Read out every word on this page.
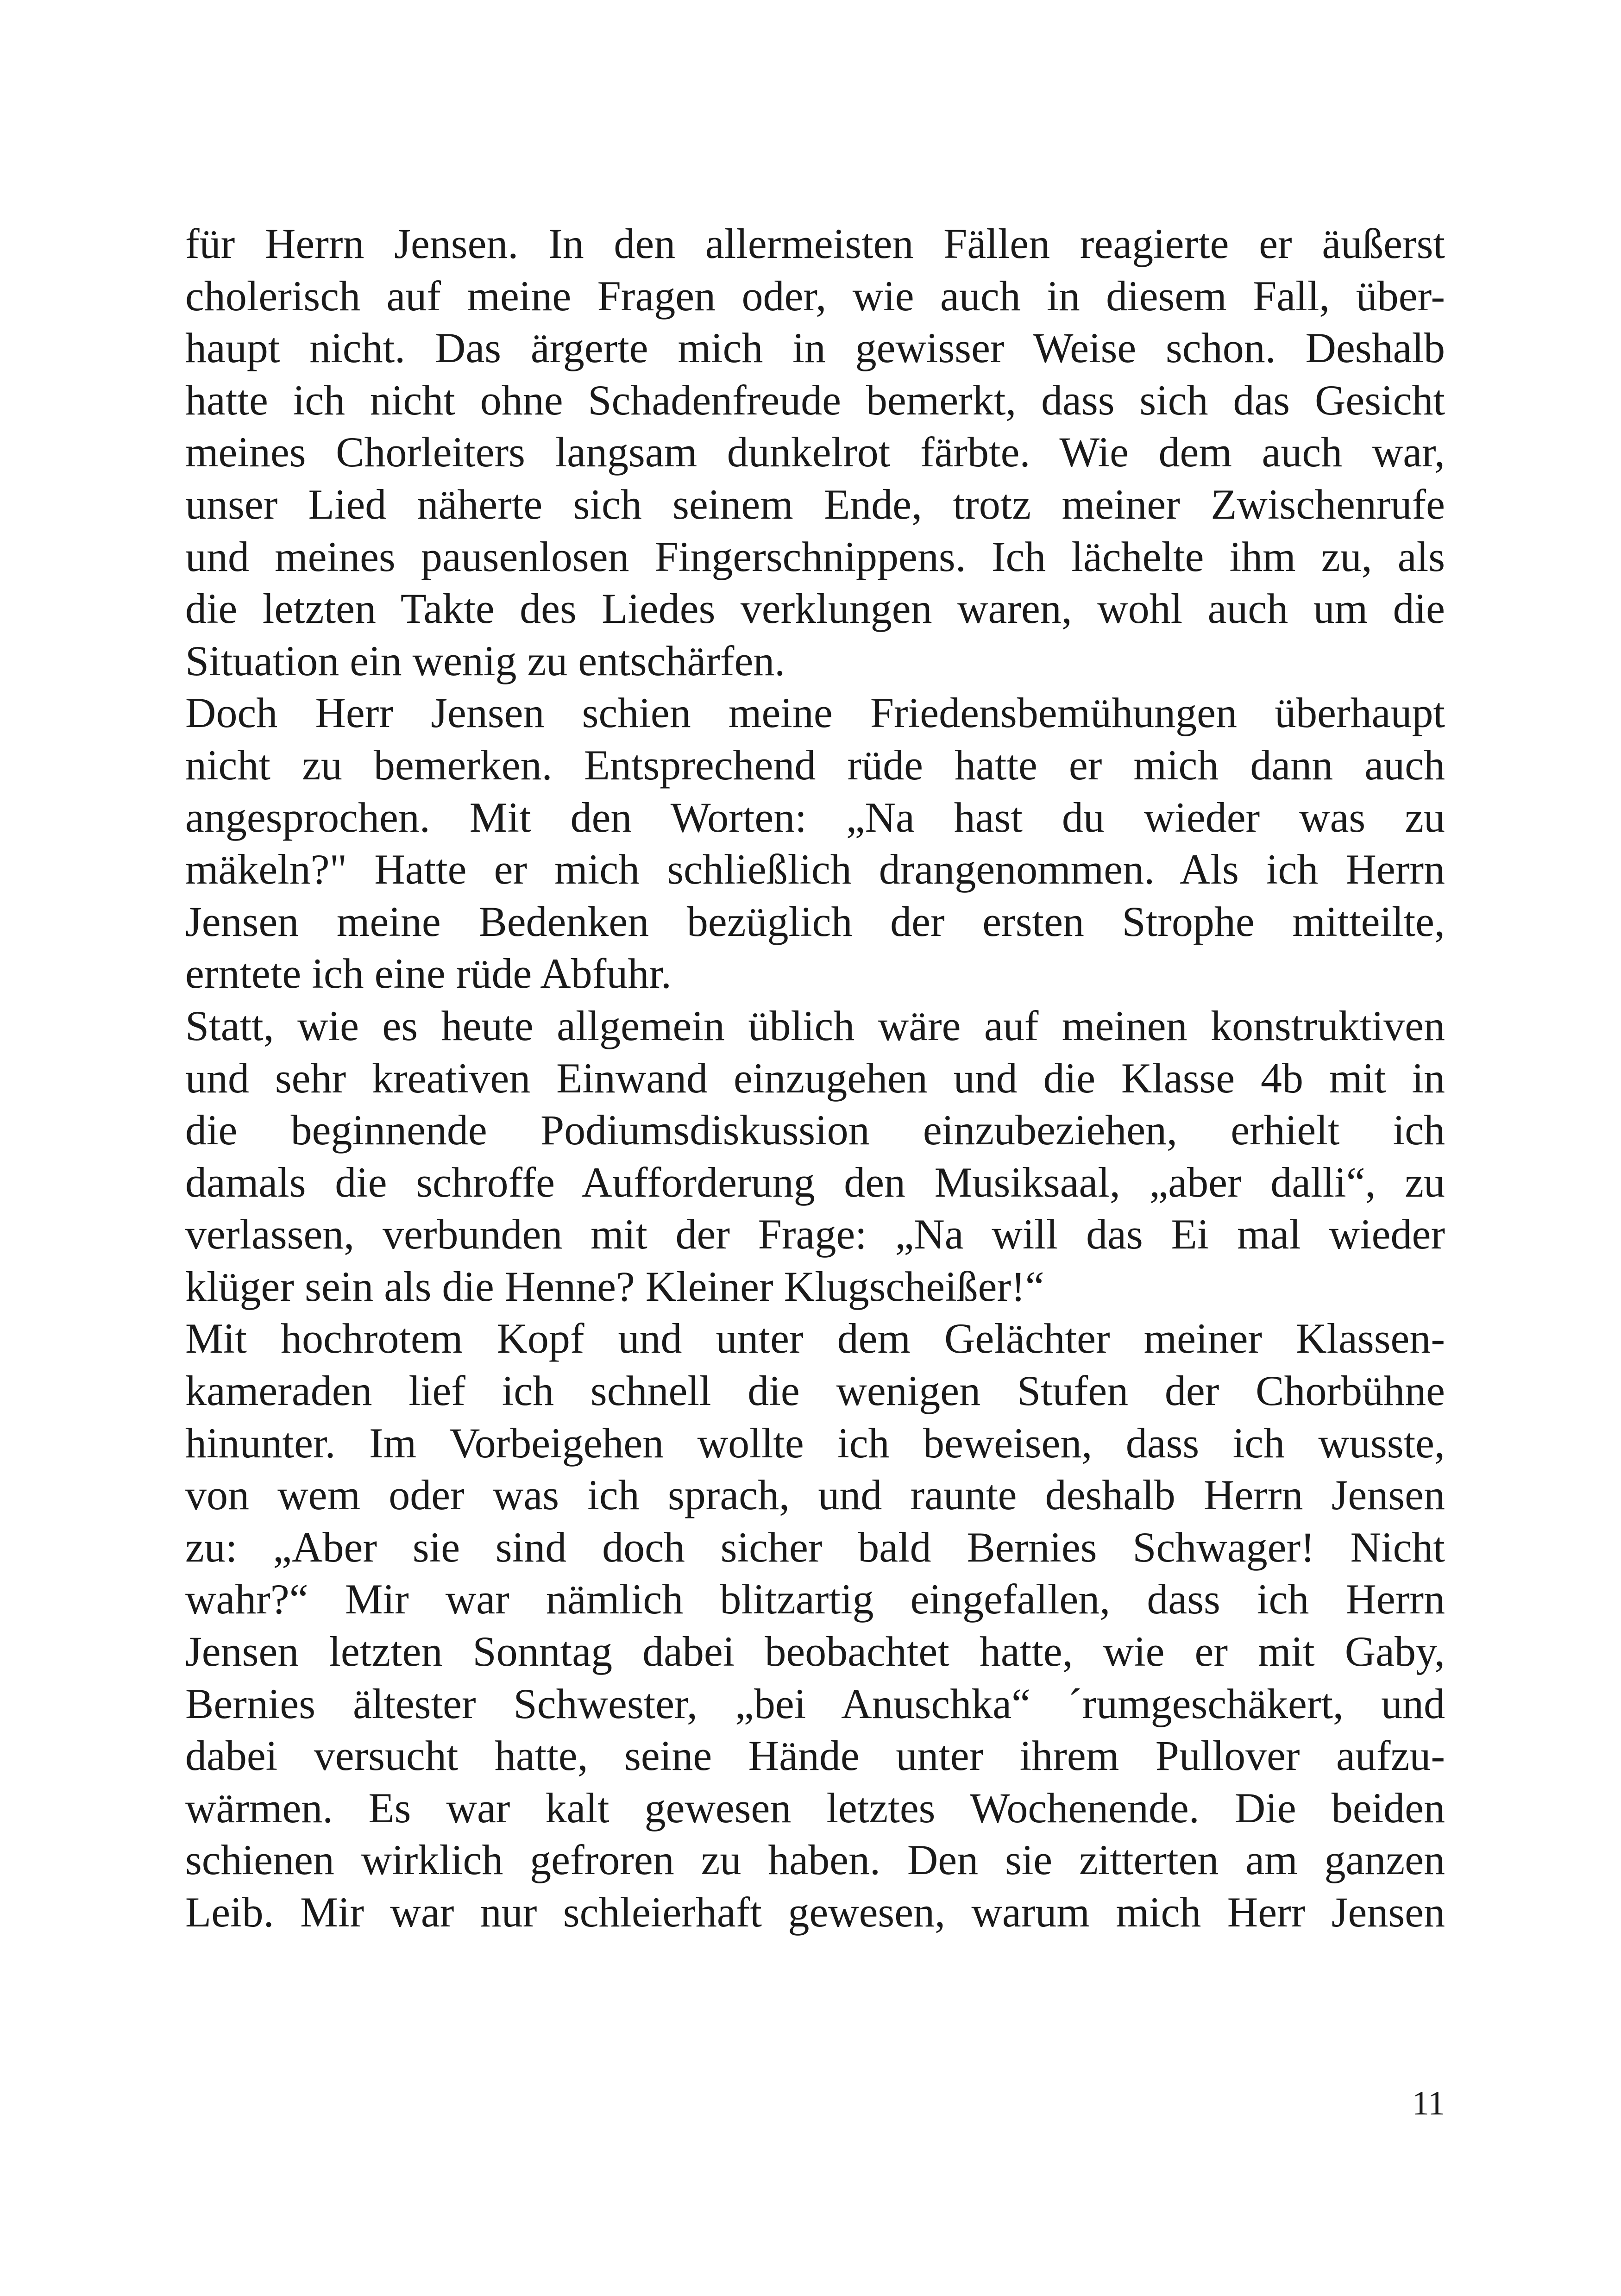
für Herrn Jensen. In den allermeisten Fällen reagierte er äußerst
cholerisch auf meine Fragen oder, wie auch in diesem Fall, über-
haupt nicht. Das ärgerte mich in gewisser Weise schon. Deshalb
hatte ich nicht ohne Schadenfreude bemerkt, dass sich das Gesicht
meines Chorleiters langsam dunkelrot färbte. Wie dem auch war,
unser Lied näherte sich seinem Ende, trotz meiner Zwischenrufe
und meines pausenlosen Fingerschnippens. Ich lächelte ihm zu, als
die letzten Takte des Liedes verklungen waren, wohl auch um die
Situation ein wenig zu entschärfen.
Doch Herr Jensen schien meine Friedensbemühungen überhaupt
nicht zu bemerken. Entsprechend rüde hatte er mich dann auch
angesprochen. Mit den Worten: „Na hast du wieder was zu
mäkeln?" Hatte er mich schließlich drangenommen. Als ich Herrn
Jensen meine Bedenken bezüglich der ersten Strophe mitteilte,
erntete ich eine rüde Abfuhr.
Statt, wie es heute allgemein üblich wäre auf meinen konstruktiven
und sehr kreativen Einwand einzugehen und die Klasse 4b mit in
die beginnende Podiumsdiskussion einzubeziehen, erhielt ich
damals die schroffe Aufforderung den Musiksaal, „aber dalli“, zu
verlassen, verbunden mit der Frage: „Na will das Ei mal wieder
klüger sein als die Henne? Kleiner Klugscheißer!“
Mit hochrotem Kopf und unter dem Gelächter meiner Klassen-
kameraden lief ich schnell die wenigen Stufen der Chorbühne
hinunter. Im Vorbeigehen wollte ich beweisen, dass ich wusste,
von wem oder was ich sprach, und raunte deshalb Herrn Jensen
zu: „Aber sie sind doch sicher bald Bernies Schwager! Nicht
wahr?“ Mir war nämlich blitzartig eingefallen, dass ich Herrn
Jensen letzten Sonntag dabei beobachtet hatte, wie er mit Gaby,
Bernies ältester Schwester, „bei Anuschka“ ´rumgeschäkert, und
dabei versucht hatte, seine Hände unter ihrem Pullover aufzu-
wärmen. Es war kalt gewesen letztes Wochenende. Die beiden
schienen wirklich gefroren zu haben. Den sie zitterten am ganzen
Leib. Mir war nur schleierhaft gewesen, warum mich Herr Jensen
11
